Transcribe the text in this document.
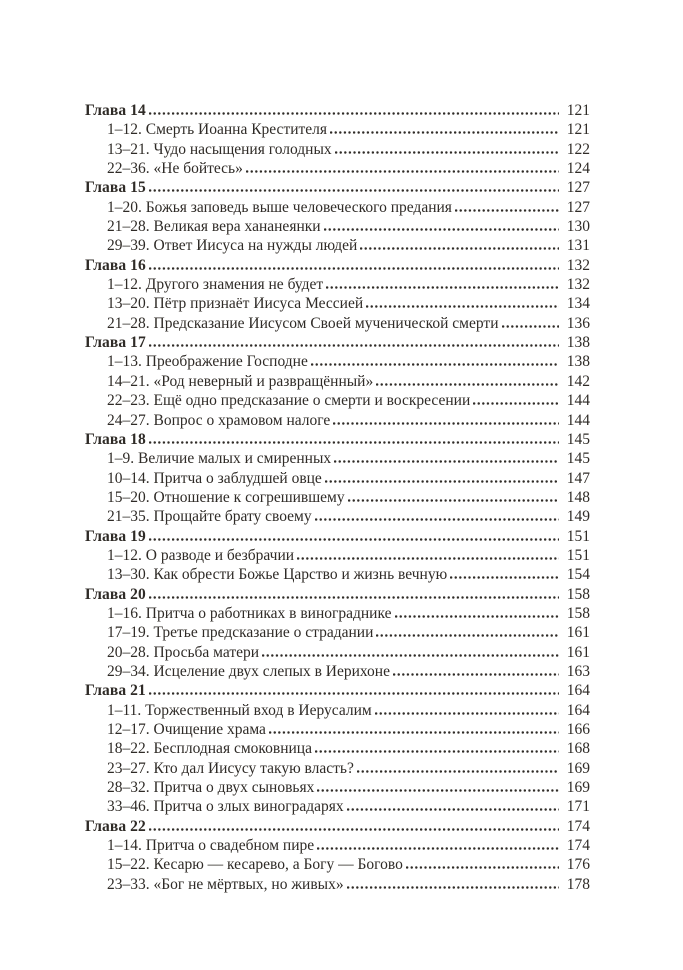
Глава 14	121
1–12. Смерть Иоанна Крестителя	121
13–21. Чудо насыщения голодных	122
22–36. «Не бойтесь»	124
Глава 15	127
1–20. Божья заповедь выше человеческого предания	127
21–28. Великая вера хананеянки	130
29–39. Ответ Иисуса на нужды людей	131
Глава 16	132
1–12. Другого знамения не будет	132
13–20. Пётр признаёт Иисуса Мессией	134
21–28. Предсказание Иисусом Своей мученической смерти	136
Глава 17	138
1–13. Преображение Господне	138
14–21. «Род неверный и развращённый»	142
22–23. Ещё одно предсказание о смерти и воскресении	144
24–27. Вопрос о храмовом налоге	144
Глава 18	145
1–9. Величие малых и смиренных	145
10–14. Притча о заблудшей овце	147
15–20. Отношение к согрешившему	148
21–35. Прощайте брату своему	149
Глава 19	151
1–12. О разводе и безбрачии	151
13–30. Как обрести Божье Царство и жизнь вечную	154
Глава 20	158
1–16. Притча о работниках в винограднике	158
17–19. Третье предсказание о страдании	161
20–28. Просьба матери	161
29–34. Исцеление двух слепых в Иерихоне	163
Глава 21	164
1–11. Торжественный вход в Иерусалим	164
12–17. Очищение храма	166
18–22. Бесплодная смоковница	168
23–27. Кто дал Иисусу такую власть?	169
28–32. Притча о двух сыновьях	169
33–46. Притча о злых виноградарях	171
Глава 22	174
1–14. Притча о свадебном пире	174
15–22. Кесарю — кесарево, а Богу — Богово	176
23–33. «Бог не мёртвых, но живых»	178
